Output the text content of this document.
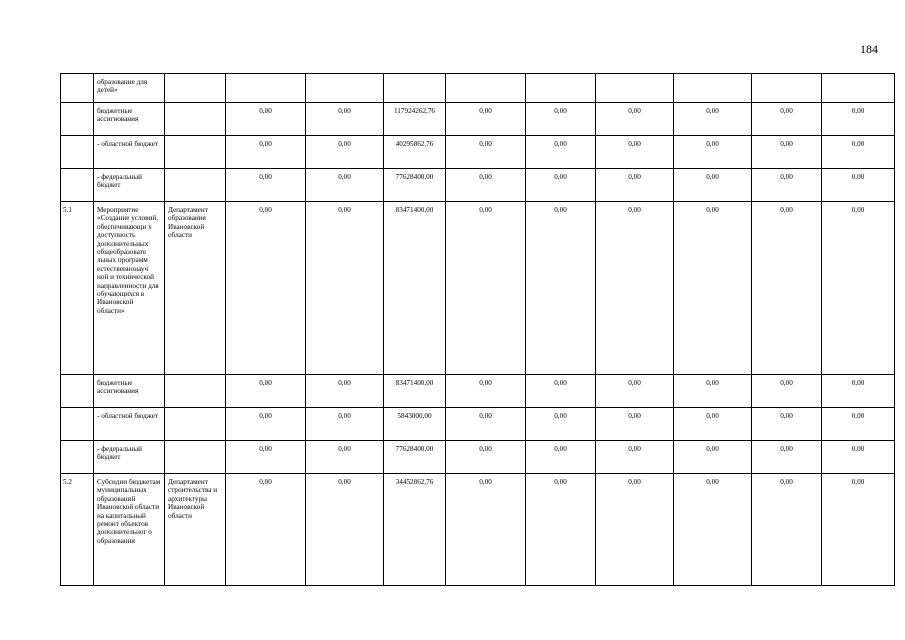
184
	образование для детей»										
	бюджетные ассигнования		0,00	0,00	117924262,76	0,00	0,00	0,00	0,00	0,00	0,00
	- областной бюджет		0,00	0,00	40295862,76	0,00	0,00	0,00	0,00	0,00	0,00
	- федеральный бюджет		0,00	0,00	77628400,00	0,00	0,00	0,00	0,00	0,00	0,00
5.1	Мероприятие «Создание условий, обеспечивающи х доступность дополнительных общеобразовате льных программ естественнонауч ной и технической направленности для обучающихся в Ивановской области»	Департамент образования Ивановской области	0,00	0,00	83471400,00	0,00	0,00	0,00	0,00	0,00	0,00
	бюджетные ассигнования		0,00	0,00	83471400,00	0,00	0,00	0,00	0,00	0,00	0,00
	- областной бюджет		0,00	0,00	5843000,00	0,00	0,00	0,00	0,00	0,00	0,00
	- федеральный бюджет		0,00	0,00	77628400,00	0,00	0,00	0,00	0,00	0,00	0,00
5.2	Субсидии бюджетам муниципальных образований Ивановской области на капитальный ремонт объектов дополнительног о образования	Департамент строительства и архитектуры Ивановской области	0,00	0,00	34452862,76	0,00	0,00	0,00	0,00	0,00	0,00
